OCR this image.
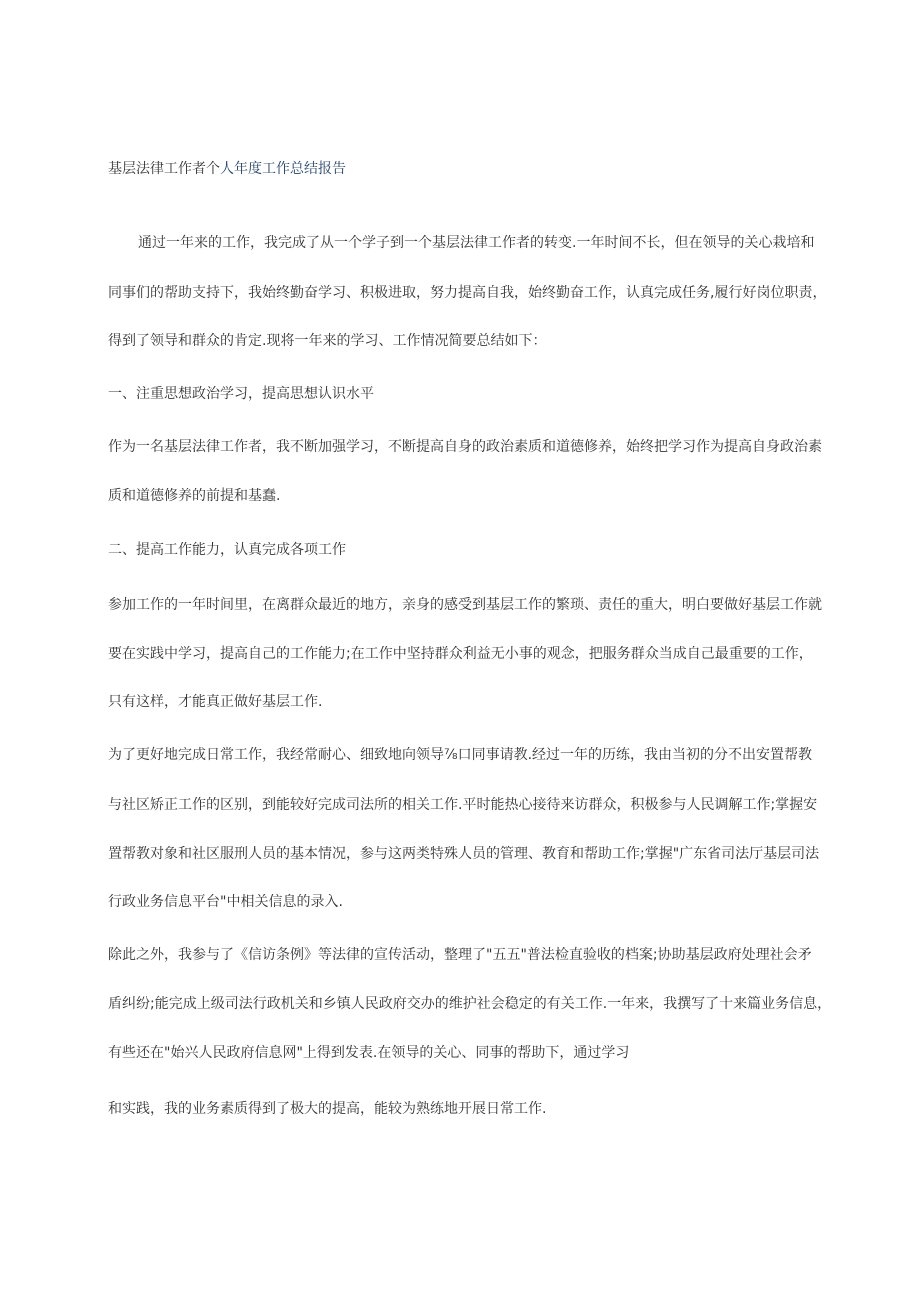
基层法律工作者个人年度工作总结报告
通过一年来的工作，我完成了从一个学子到一个基层法律工作者的转变.一年时间不长，但在领导的关心栽培和
同事们的帮助支持下，我始终勤奋学习、积极进取，努力提高自我，始终勤奋工作，认真完成任务,履行好岗位职责，
得到了领导和群众的肯定.现将一年来的学习、工作情况简要总结如下：
一、注重思想政治学习，提高思想认识水平
作为一名基层法律工作者，我不断加强学习，不断提高自身的政治素质和道德修养，始终把学习作为提高自身政治素
质和道德修养的前提和基蠢.
二、提高工作能力，认真完成各项工作
参加工作的一年时间里，在离群众最近的地方，亲身的感受到基层工作的繁琐、责任的重大，明白要做好基层工作就
要在实践中学习，提高自己的工作能力;在工作中坚持群众利益无小事的观念，把服务群众当成自己最重要的工作，
只有这样，才能真正做好基层工作.
为了更好地完成日常工作，我经常耐心、细致地向领导⅞口同事请教.经过一年的历练，我由当初的分不出安置帮教
与社区矫正工作的区别，到能较好完成司法所的相关工作.平时能热心接待来访群众，积极参与人民调解工作;掌握安
置帮教对象和社区服刑人员的基本情况，参与这两类特殊人员的管理、教育和帮助工作;掌握"广东省司法厅基层司法
行政业务信息平台"中相关信息的录入.
除此之外，我参与了《信访条例》等法律的宣传活动，整理了"五五"普法检直验收的档案;协助基层政府处理社会矛
盾纠纷;能完成上级司法行政机关和乡镇人民政府交办的维护社会稳定的有关工作.一年来，我撰写了十来篇业务信息，
有些还在"始兴人民政府信息网"上得到发表.在领导的关心、同事的帮助下，通过学习
和实践，我的业务素质得到了极大的提高，能较为熟练地开展日常工作.
